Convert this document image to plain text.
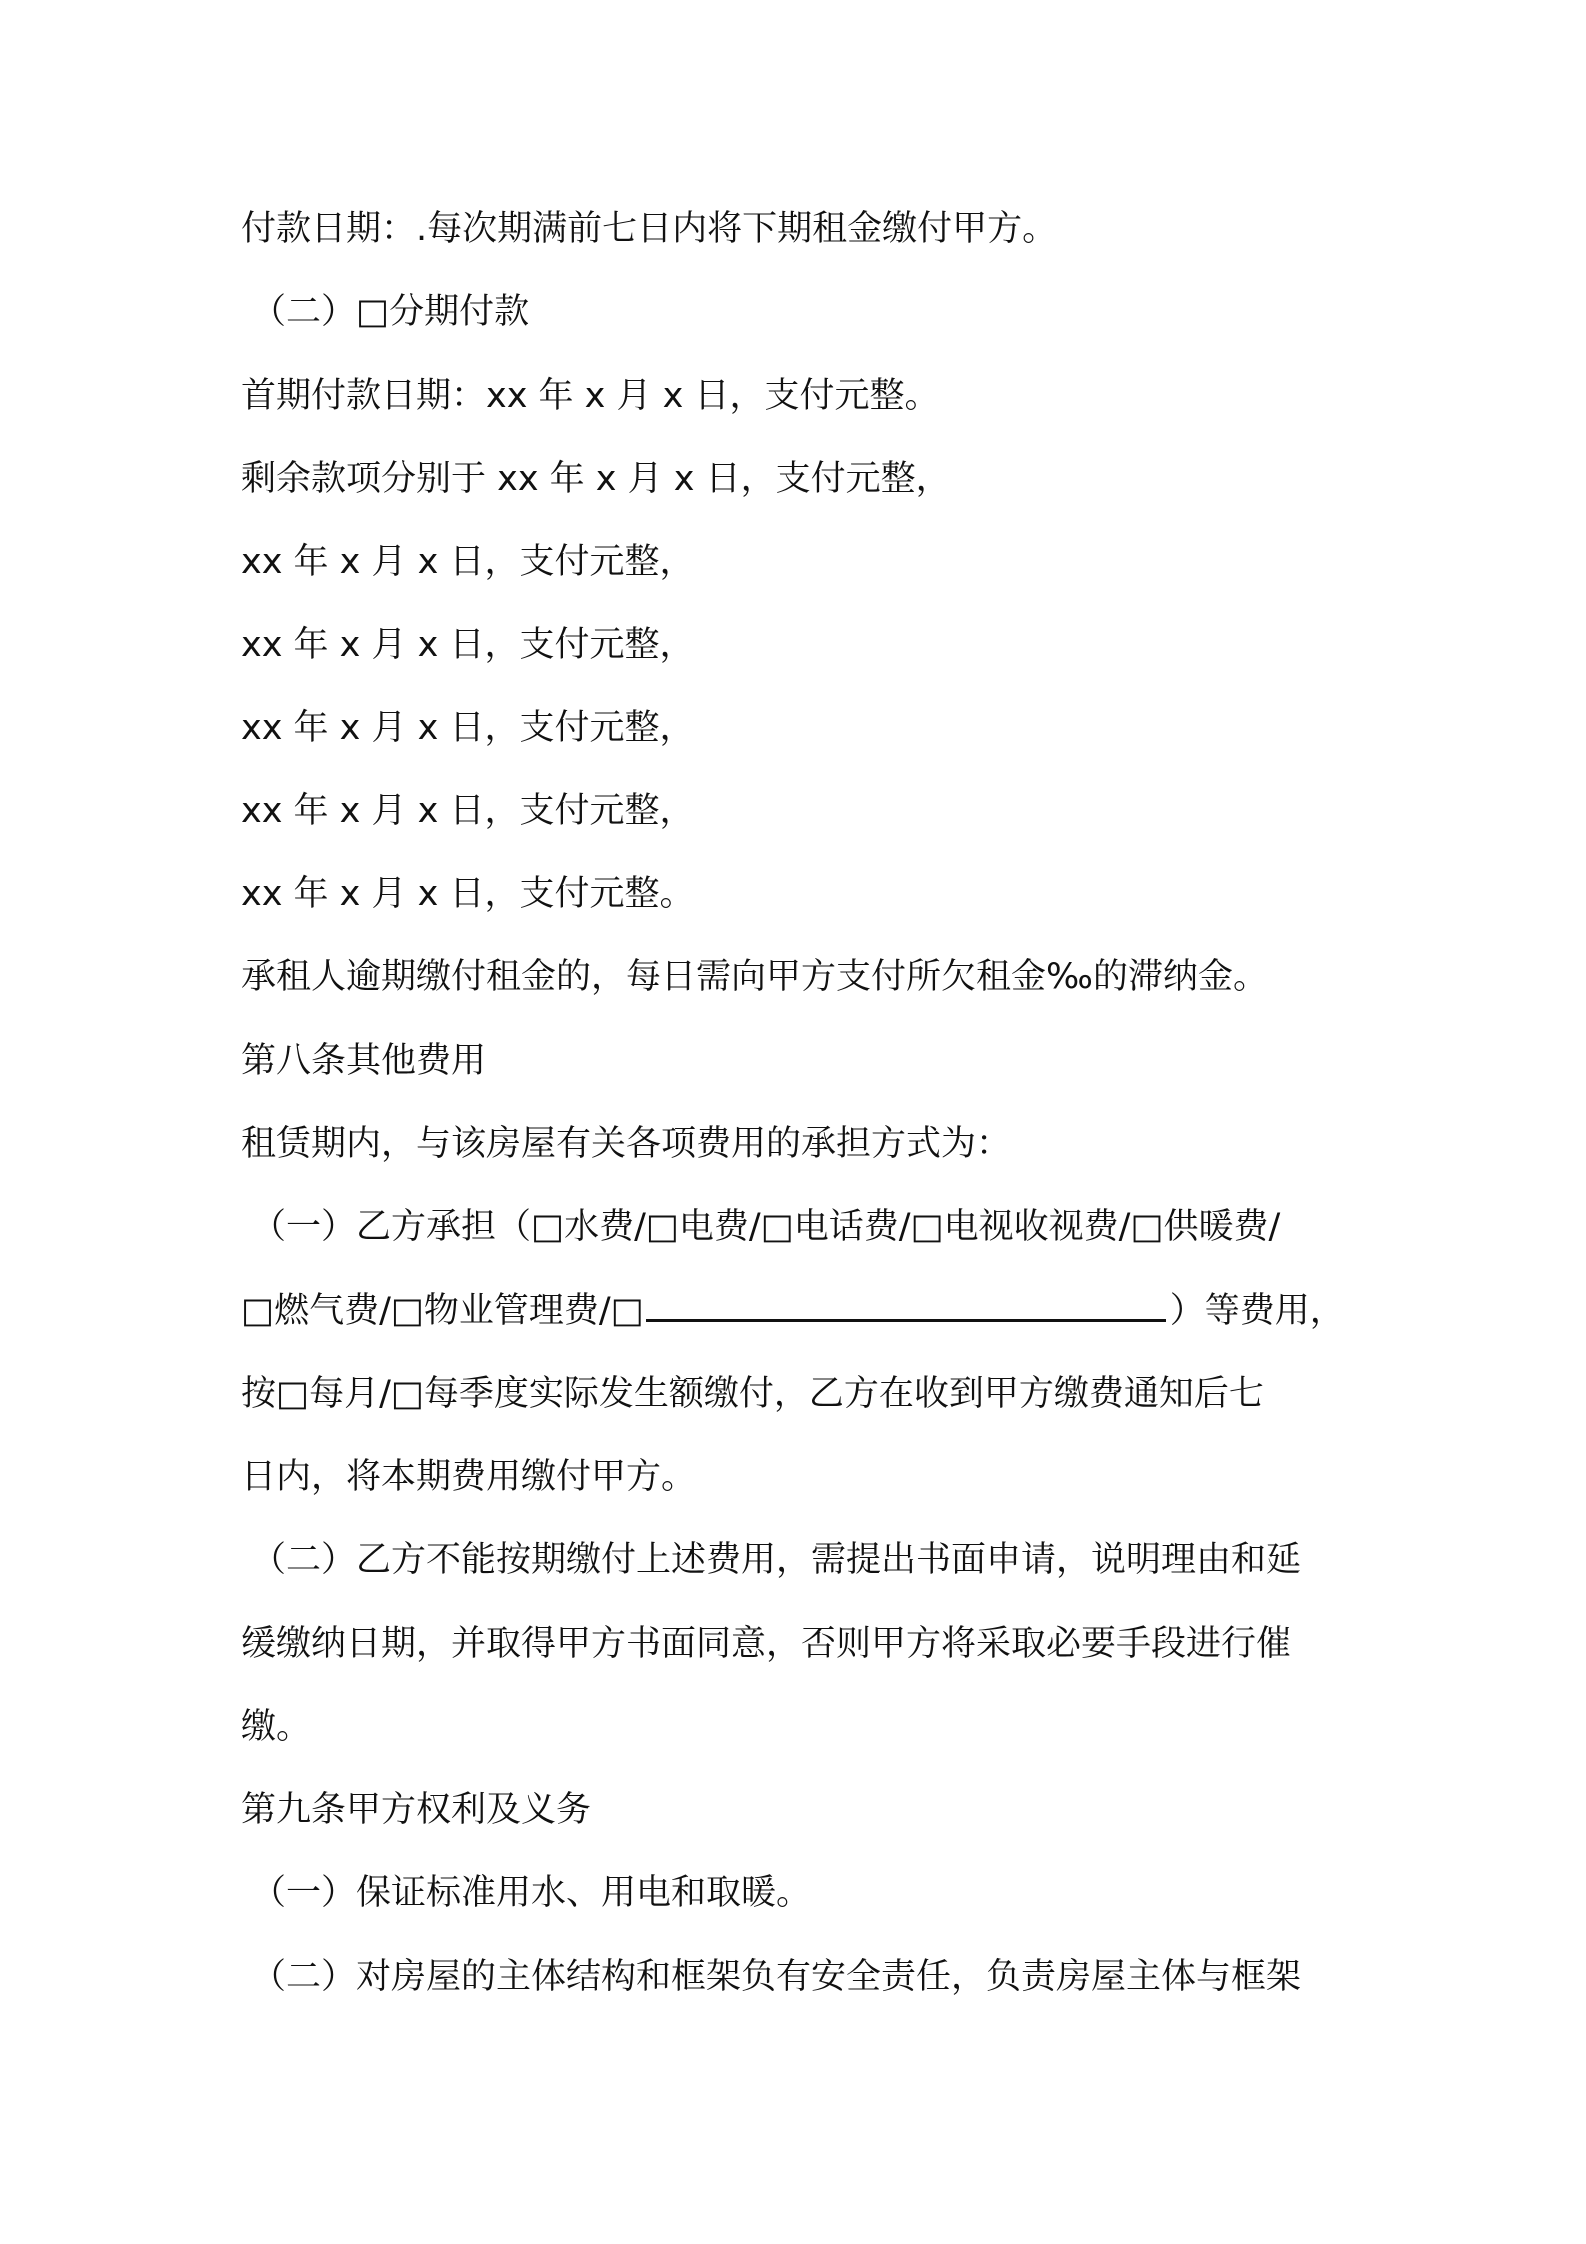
付款日期：.每次期满前七日内将下期租金缴付甲方。
（二）□分期付款
首期付款日期：xx 年 x 月 x 日，支付元整。
剩余款项分别于 xx 年 x 月 x 日，支付元整，
xx 年 x 月 x 日，支付元整，
xx 年 x 月 x 日，支付元整，
xx 年 x 月 x 日，支付元整，
xx 年 x 月 x 日，支付元整，
xx 年 x 月 x 日，支付元整。
承租人逾期缴付租金的，每日需向甲方支付所欠租金‰的滞纳金。
第八条其他费用
租赁期内，与该房屋有关各项费用的承担方式为：
（一）乙方承担（□水费/□电费/□电话费/□电视收视费/□供暖费/
□燃气费/□物业管理费/□	）等费用，
按□每月/□每季度实际发生额缴付，乙方在收到甲方缴费通知后七
日内，将本期费用缴付甲方。
（二）乙方不能按期缴付上述费用，需提出书面申请，说明理由和延
缓缴纳日期，并取得甲方书面同意，否则甲方将采取必要手段进行催
缴。
第九条甲方权利及义务
（一）保证标准用水、用电和取暖。
（二）对房屋的主体结构和框架负有安全责任，负责房屋主体与框架
